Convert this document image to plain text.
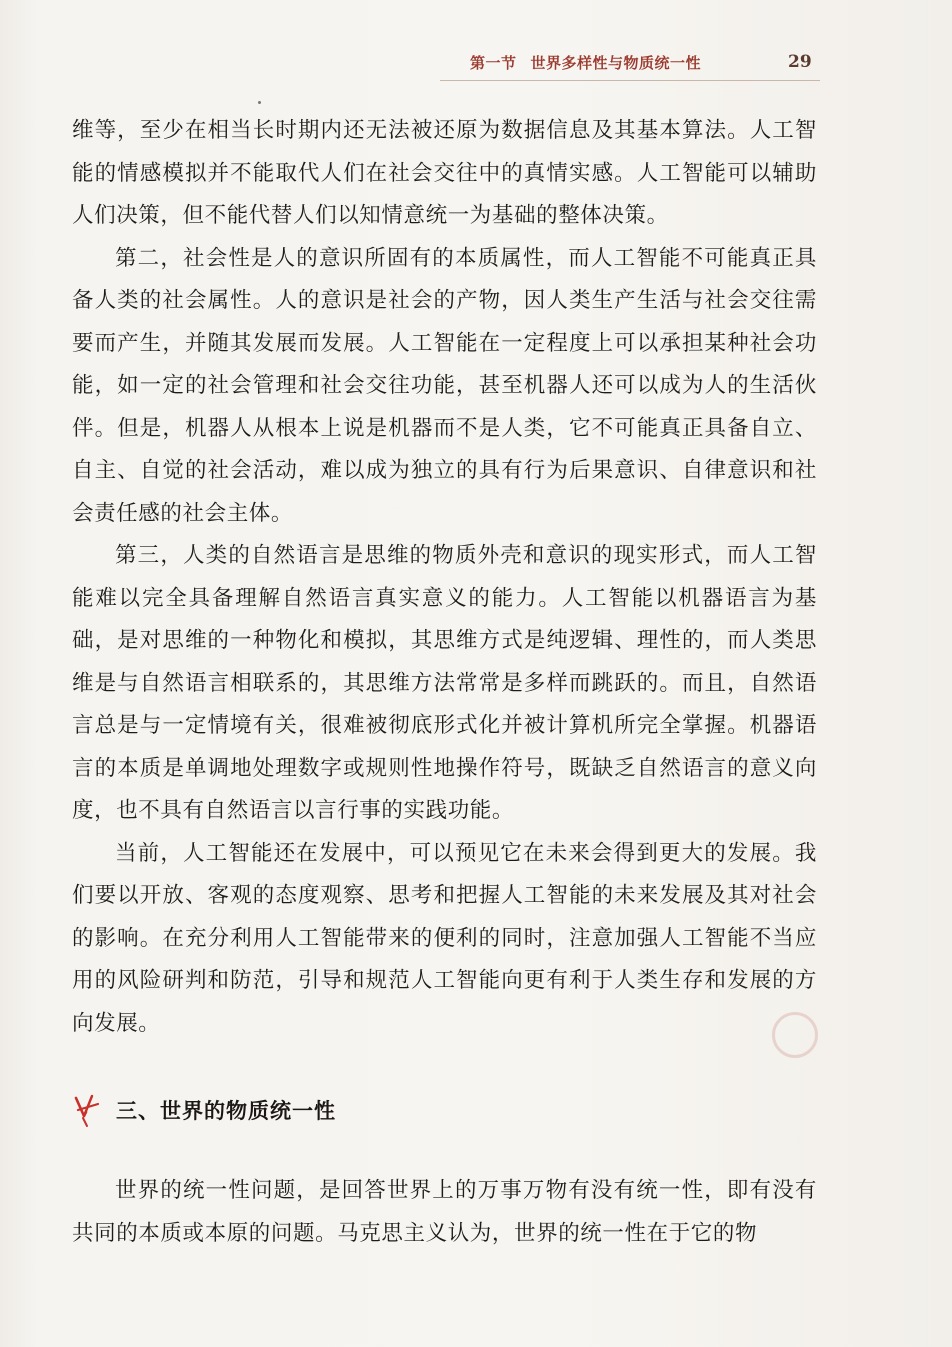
第一节 世界多样性与物质统一性	29

维等，至少在相当长时期内还无法被还原为数据信息及其基本算法。人工智能的情感模拟并不能取代人们在社会交往中的真情实感。人工智能可以辅助人们决策，但不能代替人们以知情意统一为基础的整体决策。

第二，社会性是人的意识所固有的本质属性，而人工智能不可能真正具备人类的社会属性。人的意识是社会的产物，因人类生产生活与社会交往需要而产生，并随其发展而发展。人工智能在一定程度上可以承担某种社会功能，如一定的社会管理和社会交往功能，甚至机器人还可以成为人的生活伙伴。但是，机器人从根本上说是机器而不是人类，它不可能真正具备自立、自主、自觉的社会活动，难以成为独立的具有行为后果意识、自律意识和社会责任感的社会主体。

第三，人类的自然语言是思维的物质外壳和意识的现实形式，而人工智能难以完全具备理解自然语言真实意义的能力。人工智能以机器语言为基础，是对思维的一种物化和模拟，其思维方式是纯逻辑、理性的，而人类思维是与自然语言相联系的，其思维方法常常是多样而跳跃的。而且，自然语言总是与一定情境有关，很难被彻底形式化并被计算机所完全掌握。机器语言的本质是单调地处理数字或规则性地操作符号，既缺乏自然语言的意义向度，也不具有自然语言以言行事的实践功能。

当前，人工智能还在发展中，可以预见它在未来会得到更大的发展。我们要以开放、客观的态度观察、思考和把握人工智能的未来发展及其对社会的影响。在充分利用人工智能带来的便利的同时，注意加强人工智能不当应用的风险研判和防范，引导和规范人工智能向更有利于人类生存和发展的方向发展。

三、世界的物质统一性

世界的统一性问题，是回答世界上的万事万物有没有统一性，即有没有共同的本质或本原的问题。马克思主义认为，世界的统一性在于它的物
